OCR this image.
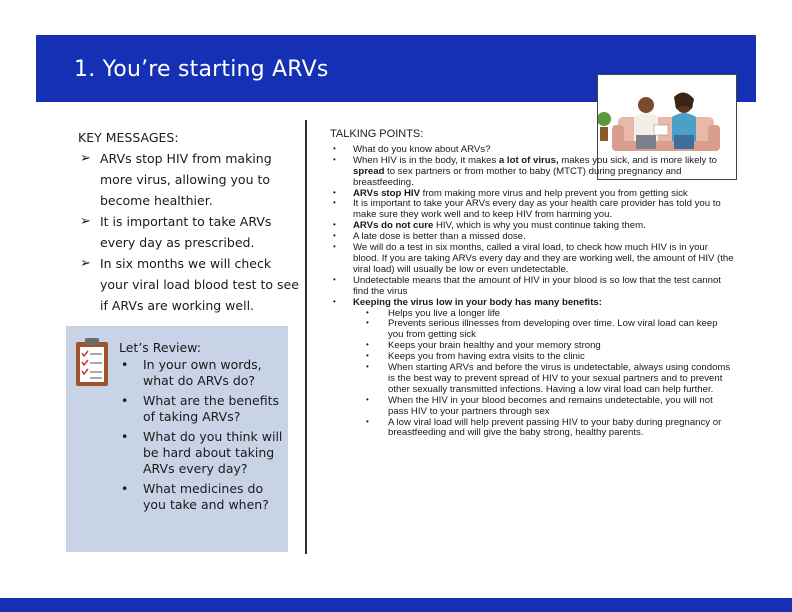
1. You’re starting ARVs
KEY MESSAGES:
➢ ARVs stop HIV from making more virus, allowing you to become healthier.
➢ It is important to take ARVs every day as prescribed.
➢ In six months we will check your viral load blood test to see if ARVs are working well.
Let’s Review:
• In your own words, what do ARVs do?
• What are the benefits of taking ARVs?
• What do you think will be hard about taking ARVs every day?
• What medicines do you take and when?
TALKING POINTS:
• What do you know about ARVs?
• When HIV is in the body, it makes a lot of virus, makes you sick, and is more likely to spread to sex partners or from mother to baby (MTCT) during pregnancy and breastfeeding.
• ARVs stop HIV from making more virus and help prevent you from getting sick
• It is important to take your ARVs every day as your health care provider has told you to make sure they work well and to keep HIV from harming you.
• ARVs do not cure HIV, which is why you must continue taking them.
• A late dose is better than a missed dose.
• We will do a test in six months, called a viral load, to check how much HIV is in your blood. If you are taking ARVs every day and they are working well, the amount of HIV (the viral load) will usually be low or even undetectable.
• Undetectable means that the amount of HIV in your blood is so low that the test cannot find the virus
• Keeping the virus low in your body has many benefits:
• Helps you live a longer life
• Prevents serious illnesses from developing over time. Low viral load can keep you from getting sick
• Keeps your brain healthy and your memory strong
• Keeps you from having extra visits to the clinic
• When starting ARVs and before the virus is undetectable, always using condoms is the best way to prevent spread of HIV to your sexual partners and to prevent other sexually transmitted infections. Having a low viral load can help further.
• When the HIV in your blood becomes and remains undetectable, you will not pass HIV to your partners through sex
• A low viral load will help prevent passing HIV to your baby during pregnancy or breastfeeding and will give the baby strong, healthy parents.
